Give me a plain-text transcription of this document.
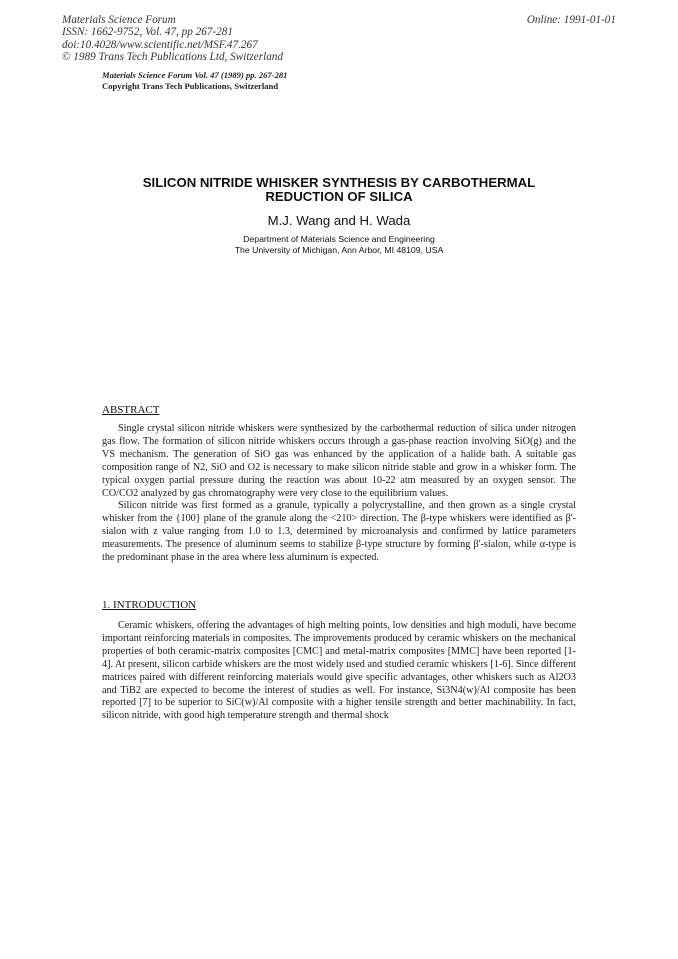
Materials Science Forum
ISSN: 1662-9752, Vol. 47, pp 267-281
doi:10.4028/www.scientific.net/MSF.47.267
© 1989 Trans Tech Publications Ltd, Switzerland
Online: 1991-01-01
Materials Science Forum Vol. 47 (1989) pp. 267-281
Copyright Trans Tech Publications, Switzerland
SILICON NITRIDE WHISKER SYNTHESIS BY CARBOTHERMAL
REDUCTION OF SILICA
M.J. Wang and H. Wada
Department of Materials Science and Engineering
The University of Michigan, Ann Arbor, MI 48109, USA
ABSTRACT

Single crystal silicon nitride whiskers were synthesized by the carbothermal reduction of silica under nitrogen gas flow. The formation of silicon nitride whiskers occurs through a gas-phase reaction involving SiO(g) and the VS mechanism. The generation of SiO gas was enhanced by the application of a halide bath. A suitable gas composition range of N2, SiO and O2 is necessary to make silicon nitride stable and grow in a whisker form. The typical oxygen partial pressure during the reaction was about 10-22 atm measured by an oxygen sensor. The CO/CO2 analyzed by gas chromatography were very close to the equilibrium values.

Silicon nitride was first formed as a granule, typically a polycrystalline, and then grown as a single crystal whisker from the {100} plane of the granule along the <210> direction. The β-type whiskers were identified as β'-sialon with z value ranging from 1.0 to 1.3, determined by microanalysis and confirmed by lattice parameters measurements. The presence of aluminum seems to stabilize β-type structure by forming β'-sialon, while α-type is the predominant phase in the area where less aluminum is expected.

1. INTRODUCTION

Ceramic whiskers, offering the advantages of high melting points, low densities and high moduli, have become important reinforcing materials in composites. The improvements produced by ceramic whiskers on the mechanical properties of both ceramic-matrix composites [CMC] and metal-matrix composites [MMC] have been reported [1-4]. At present, silicon carbide whiskers are the most widely used and studied ceramic whiskers [1-6]. Since different matrices paired with different reinforcing materials would give specific advantages, other whiskers such as Al2O3 and TiB2 are expected to become the interest of studies as well. For instance, Si3N4(w)/Al composite has been reported [7] to be superior to SiC(w)/Al composite with a higher tensile strength and better machinability. In fact, silicon nitride, with good high temperature strength and thermal shock
